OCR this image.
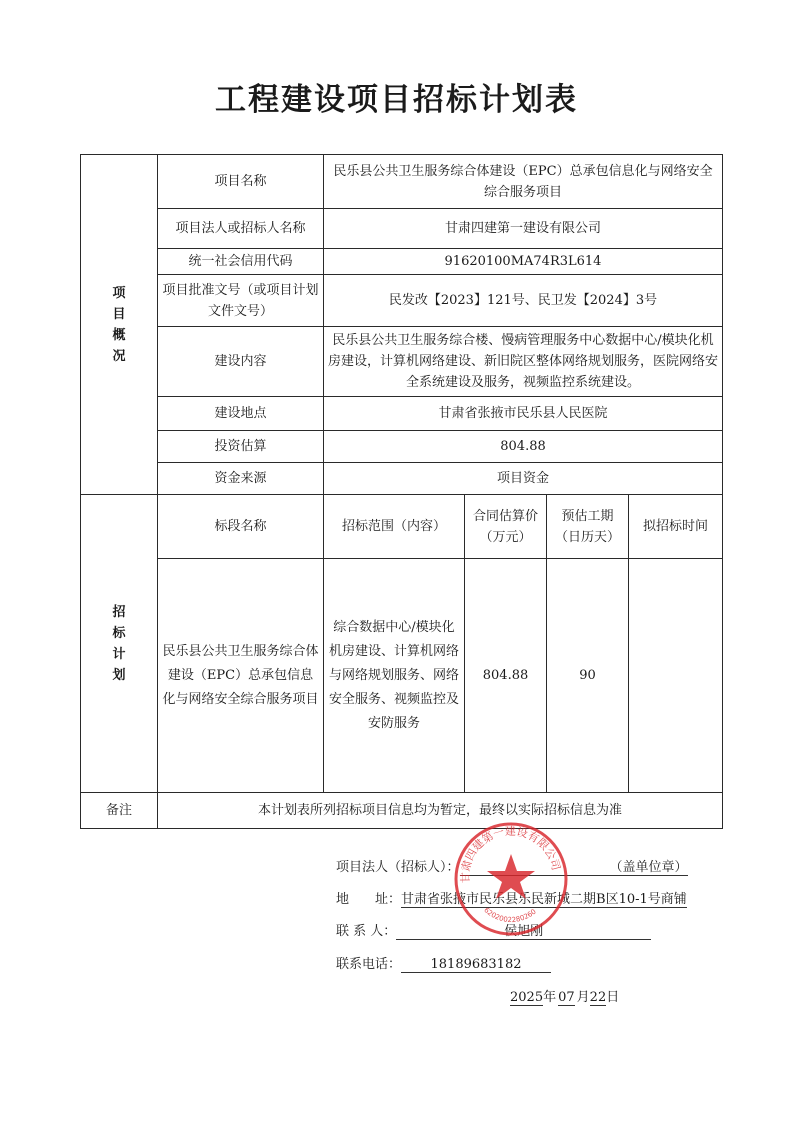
工程建设项目招标计划表
项
目
概
况	项目名称	民乐县公共卫生服务综合体建设（EPC）总承包信息化与网络安全综合服务项目			
	项目法人或招标人名称	甘肃四建第一建设有限公司			
	统一社会信用代码	91620100MA74R3L614			
	项目批准文号（或项目计划文件文号）	民发改【2023】121号、民卫发【2024】3号			
	建设内容	民乐县公共卫生服务综合楼、慢病管理服务中心数据中心/模块化机房建设，计算机网络建设、新旧院区整体网络规划服务，医院网络安全系统建设及服务，视频监控系统建设。			
	建设地点	甘肃省张掖市民乐县人民医院			
	投资估算	804.88			
	资金来源	项目资金			

招
标
计
划	标段名称	招标范围（内容）	合同估算价（万元）	预估工期（日历天）	拟招标时间

	民乐县公共卫生服务综合体建设（EPC）总承包信息化与网络安全综合服务项目	综合数据中心/模块化机房建设、计算机网络与网络规划服务、网络安全服务、视频监控及安防服务	804.88	90	
备注	本计划表所列招标项目信息均为暂定，最终以实际招标信息为准				
项目法人（招标人）：	（盖单位章）
地　　址：甘肃省张掖市民乐县乐民新城二期B区10-1号商铺
联 系 人：	侯旭刚
联系电话： 18189683182
2025年 07 月22日
甘肃四建第一建设有限公司
6202002280260
